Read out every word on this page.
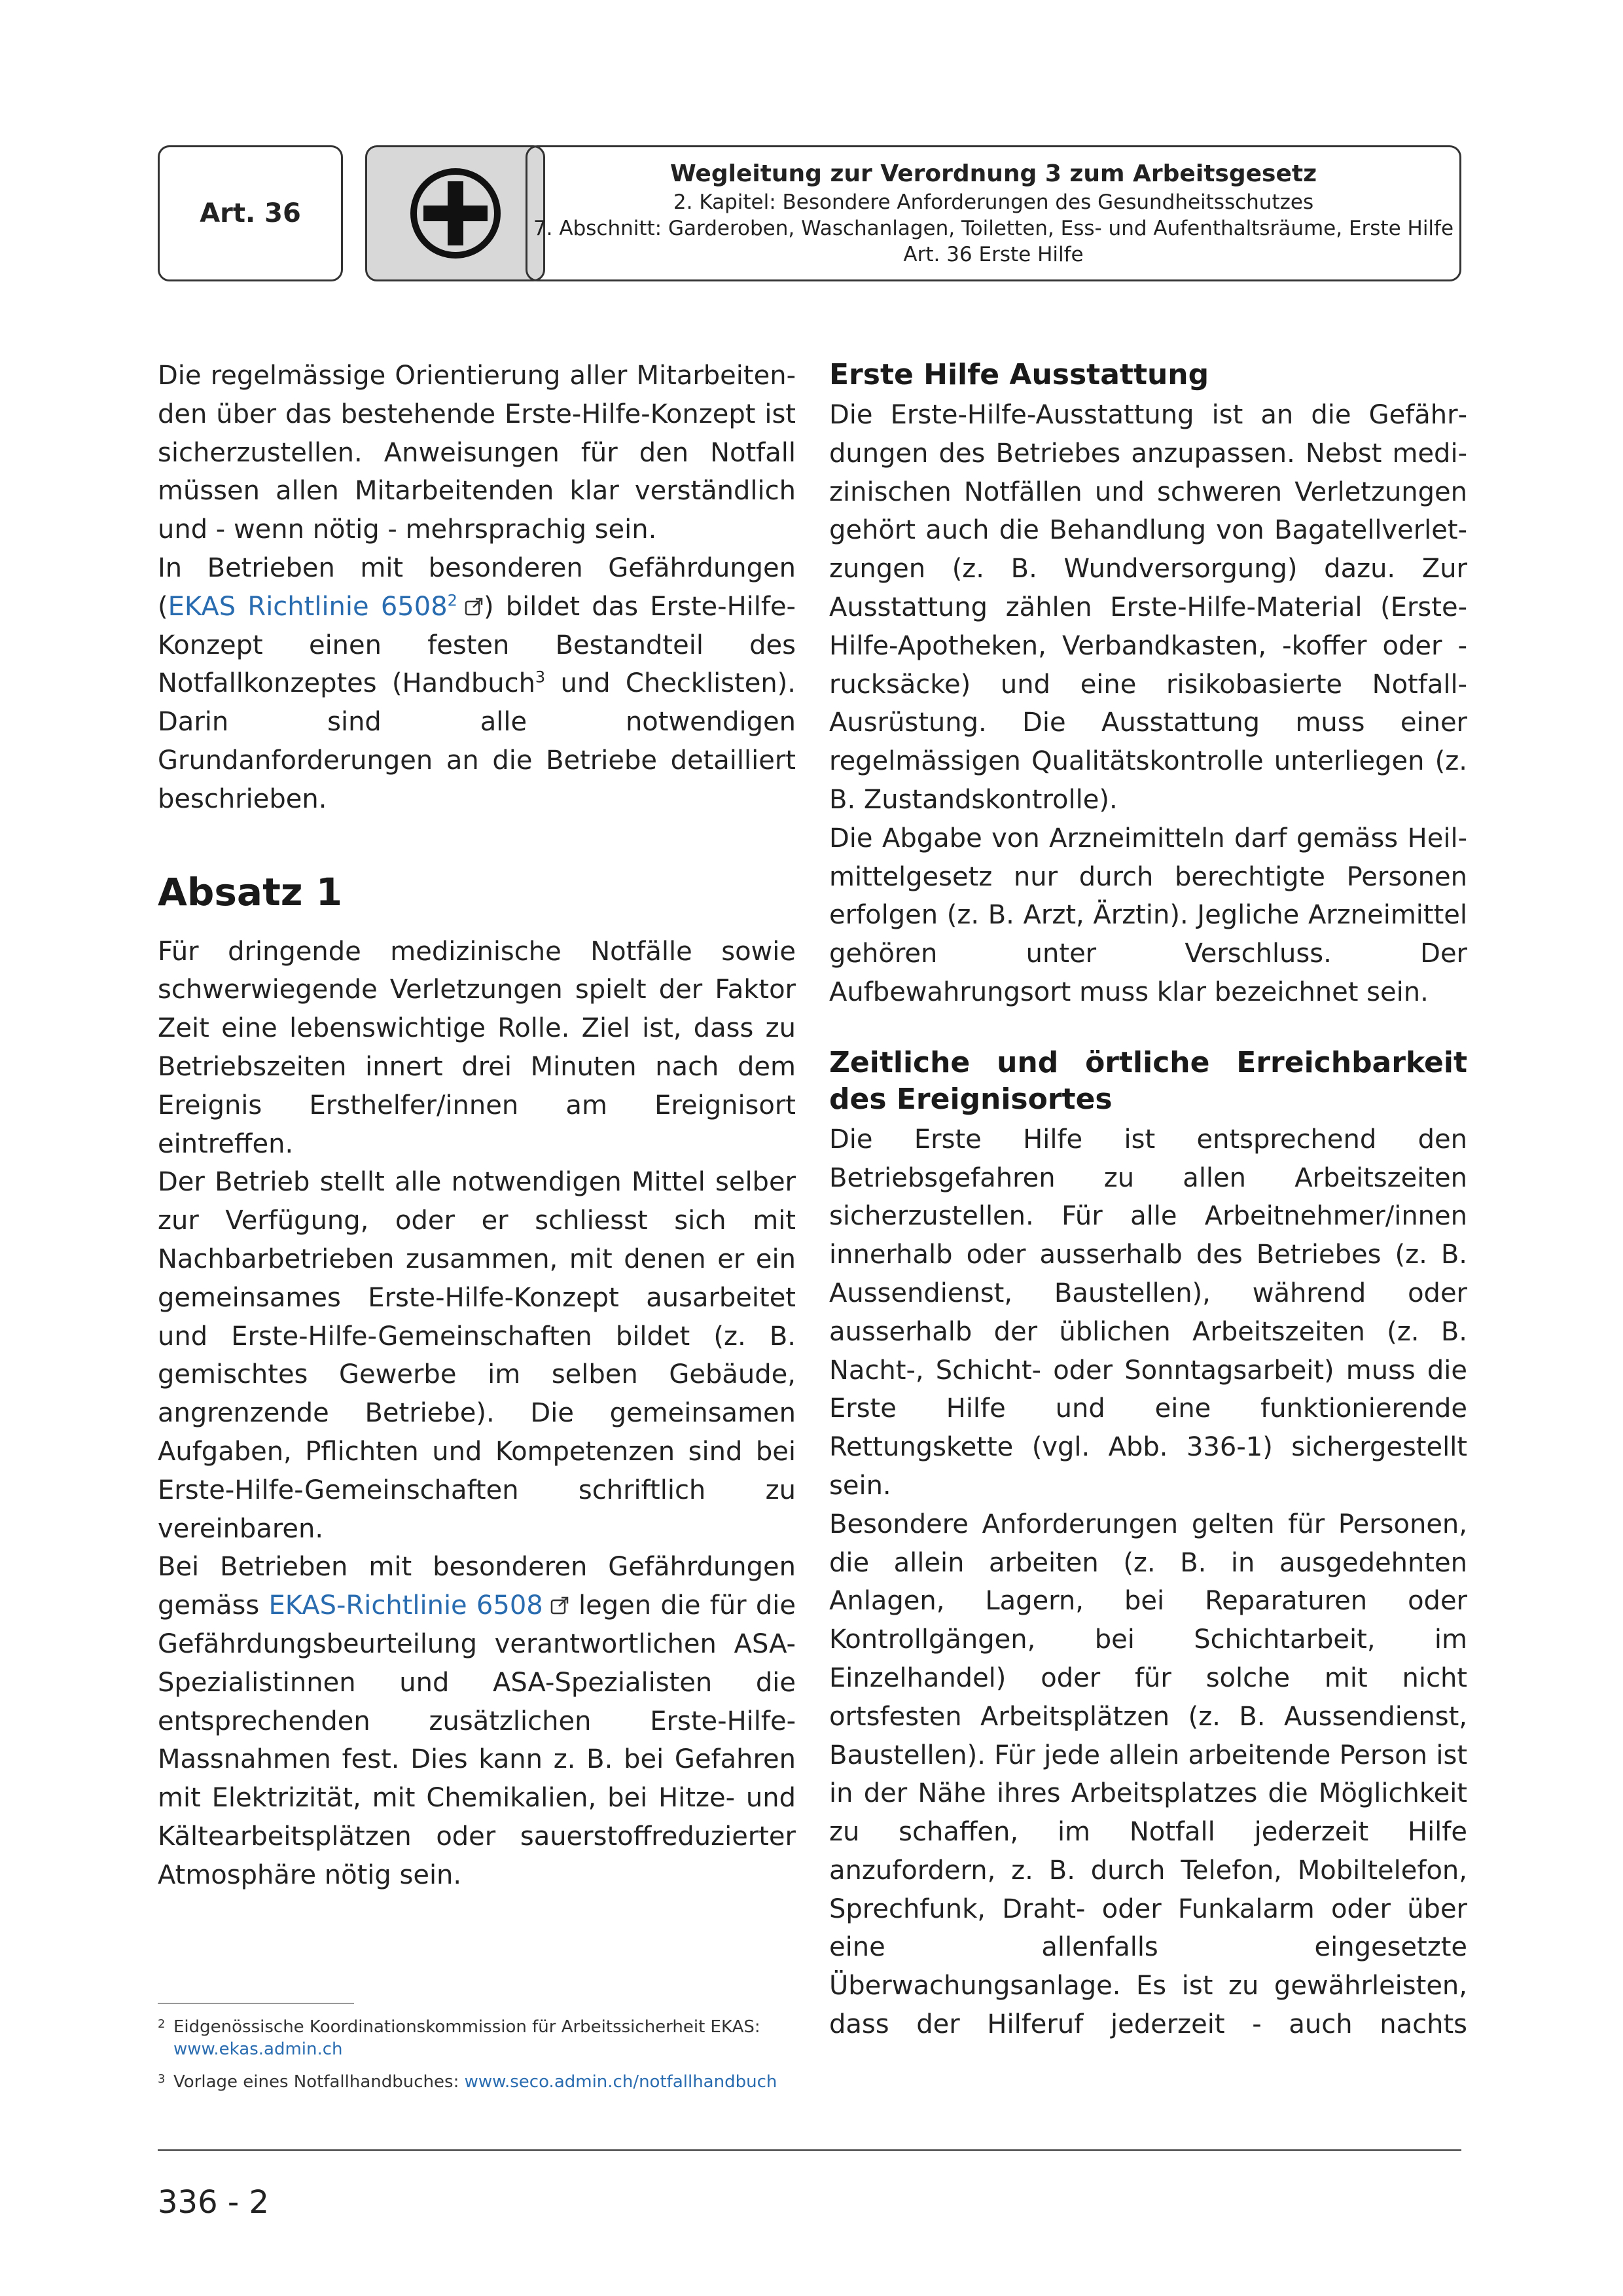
Art. 36
Wegleitung zur Verordnung 3 zum Arbeitsgesetz
2. Kapitel: Besondere Anforderungen des Gesundheitsschutzes
7. Abschnitt: Garderoben, Waschanlagen, Toiletten, Ess- und Aufenthaltsräume, Erste Hilfe
Art. 36 Erste Hilfe

Die regelmässige Orientierung aller Mitarbeitenden über das bestehende Erste-Hilfe-Konzept ist sicherzustellen. Anweisungen für den Notfall müssen allen Mitarbeitenden klar verständlich und - wenn nötig - mehrsprachig sein.

In Betrieben mit besonderen Gefährdungen (EKAS Richtlinie 6508$^2$ ) bildet das Erste-Hilfe-Konzept einen festen Bestandteil des Notfallkonzeptes (Handbuch$^3$ und Checklisten). Darin sind alle notwendigen Grundanforderungen an die Betriebe detailliert beschrieben.

Absatz 1

Für dringende medizinische Notfälle sowie schwerwiegende Verletzungen spielt der Faktor Zeit eine lebenswichtige Rolle. Ziel ist, dass zu Betriebszeiten innert drei Minuten nach dem Ereignis Ersthelfer/innen am Ereignisort eintreffen.

Der Betrieb stellt alle notwendigen Mittel selber zur Verfügung, oder er schliesst sich mit Nachbarbetrieben zusammen, mit denen er ein gemeinsames Erste-Hilfe-Konzept ausarbeitet und Erste-Hilfe-Gemeinschaften bildet (z. B. gemischtes Gewerbe im selben Gebäude, angrenzende Betriebe). Die gemeinsamen Aufgaben, Pflichten und Kompetenzen sind bei Erste-Hilfe-Gemeinschaften schriftlich zu vereinbaren.

Bei Betrieben mit besonderen Gefährdungen gemäss EKAS-Richtlinie 6508 legen die für die Gefährdungsbeurteilung verantwortlichen ASA-Spezialistinnen und ASA-Spezialisten die entsprechenden zusätzlichen Erste-Hilfe-Massnahmen fest. Dies kann z. B. bei Gefahren mit Elektrizität, mit Chemikalien, bei Hitze- und Kältearbeitsplätzen oder sauerstoffreduzierter Atmosphäre nötig sein.

Erste Hilfe Ausstattung

Die Erste-Hilfe-Ausstattung ist an die Gefährdungen des Betriebes anzupassen. Nebst medizinischen Notfällen und schweren Verletzungen gehört auch die Behandlung von Bagatellverletzungen (z. B. Wundversorgung) dazu. Zur Ausstattung zählen Erste-Hilfe-Material (Erste-Hilfe-Apotheken, Verbandkasten, -koffer oder -rucksäcke) und eine risikobasierte Notfall-Ausrüstung. Die Ausstattung muss einer regelmässigen Qualitätskontrolle unterliegen (z. B. Zustandskontrolle).

Die Abgabe von Arzneimitteln darf gemäss Heilmittelgesetz nur durch berechtigte Personen erfolgen (z. B. Arzt, Ärztin). Jegliche Arzneimittel gehören unter Verschluss. Der Aufbewahrungsort muss klar bezeichnet sein.

Zeitliche und örtliche Erreichbarkeit des Ereignisortes

Die Erste Hilfe ist entsprechend den Betriebsgefahren zu allen Arbeitszeiten sicherzustellen. Für alle Arbeitnehmer/innen innerhalb oder ausserhalb des Betriebes (z. B. Aussendienst, Baustellen), während oder ausserhalb der üblichen Arbeitszeiten (z. B. Nacht-, Schicht- oder Sonntagsarbeit) muss die Erste Hilfe und eine funktionierende Rettungskette (vgl. Abb. 336-1) sichergestellt sein.

Besondere Anforderungen gelten für Personen, die allein arbeiten (z. B. in ausgedehnten Anlagen, Lagern, bei Reparaturen oder Kontrollgängen, bei Schichtarbeit, im Einzelhandel) oder für solche mit nicht ortsfesten Arbeitsplätzen (z. B. Aussendienst, Baustellen). Für jede allein arbeitende Person ist in der Nähe ihres Arbeitsplatzes die Möglichkeit zu schaffen, im Notfall jederzeit Hilfe anzufordern, z. B. durch Telefon, Mobiltelefon, Sprechfunk, Draht- oder Funkalarm oder über eine allenfalls eingesetzte Überwachungsanlage. Es ist zu gewährleisten, dass der Hilferuf jederzeit - auch nachts

2 Eidgenössische Koordinationskommission für Arbeitssicherheit EKAS:
www.ekas.admin.ch
3 Vorlage eines Notfallhandbuches: www.seco.admin.ch/notfallhandbuch
336 - 2
